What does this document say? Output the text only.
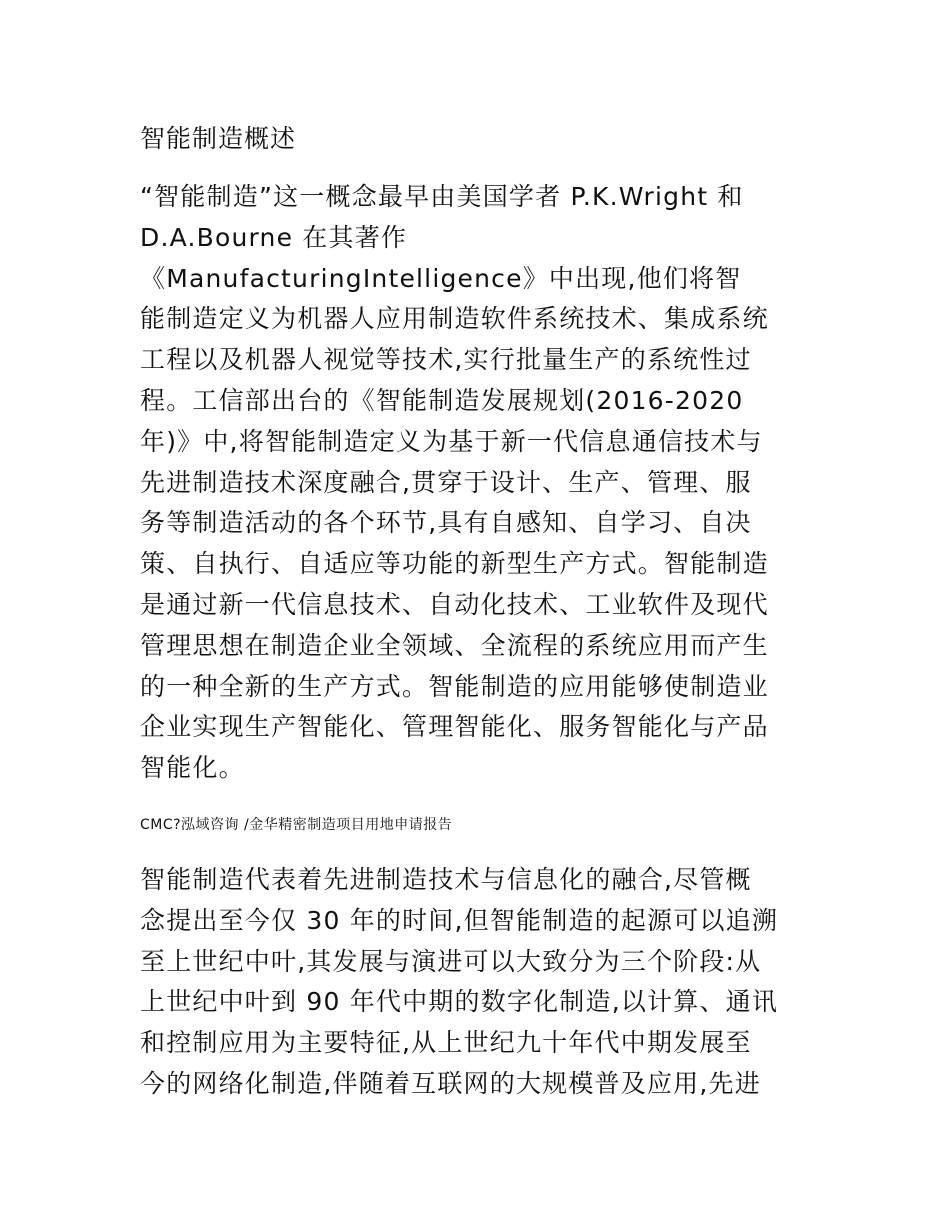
智能制造概述
“智能制造”这一概念最早由美国学者 P.K.Wright 和
D.A.Bourne 在其著作
《ManufacturingIntelligence》中出现,他们将智
能制造定义为机器人应用制造软件系统技术、集成系统
工程以及机器人视觉等技术,实行批量生产的系统性过
程。工信部出台的《智能制造发展规划(2016-2020
年)》中,将智能制造定义为基于新一代信息通信技术与
先进制造技术深度融合,贯穿于设计、生产、管理、服
务等制造活动的各个环节,具有自感知、自学习、自决
策、自执行、自适应等功能的新型生产方式。智能制造
是通过新一代信息技术、自动化技术、工业软件及现代
管理思想在制造企业全领域、全流程的系统应用而产生
的一种全新的生产方式。智能制造的应用能够使制造业
企业实现生产智能化、管理智能化、服务智能化与产品
智能化。
CMC?泓域咨询 /金华精密制造项目用地申请报告
智能制造代表着先进制造技术与信息化的融合,尽管概
念提出至今仅 30 年的时间,但智能制造的起源可以追溯
至上世纪中叶,其发展与演进可以大致分为三个阶段:从
上世纪中叶到 90 年代中期的数字化制造,以计算、通讯
和控制应用为主要特征,从上世纪九十年代中期发展至
今的网络化制造,伴随着互联网的大规模普及应用,先进
